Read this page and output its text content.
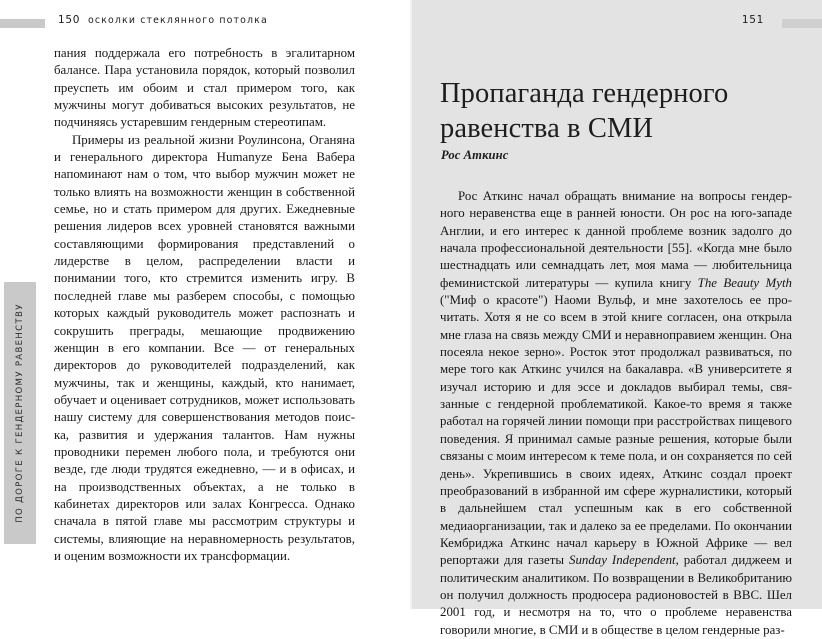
150 осколки стеклянного потолка
ПО ДОРОГЕ К ГЕНДЕРНОМУ РАВЕНСТВУ

пания поддержала его потребность в эгалитарном балансе. Пара установила порядок, который позволил преуспеть им обоим и стал примером того, как мужчины могут добиваться высоких результатов, не подчиняясь устаревшим гендерным стереотипам.

Примеры из реальной жизни Роулинсона, Оганяна и генерального директора Humanyze Бена Вабера напоминают нам о том, что выбор мужчин может не только влиять на возможности женщин в собственной семье, но и стать примером для других. Ежедневные решения лидеров всех уровней становятся важными составляющими формирования представлений о лидерстве в целом, распределении власти и понимании того, кто стремится изменить игру. В последней главе мы разберем способы, с помощью которых каждый руководитель может распознать и сокрушить преграды, мешающие продвижению женщин в его компании. Все — от генеральных директоров до руководителей подразделений, как мужчины, так и женщины, каждый, кто нанимает, обучает и оценивает сотрудников, может использовать нашу систему для совершенствования методов поиска, развития и удержания талантов. Нам нужны проводники перемен любого пола, и требуются они везде, где люди трудятся ежедневно, — и в офисах, и на производственных объектах, а не только в кабинетах директоров или залах Конгресса. Однако сначала в пятой главе мы рассмотрим структуры и системы, влияющие на неравномерность результатов, и оценим возможности их трансформации.

151
Пропаганда гендерного равенства в СМИ
Рос Аткинс

Рос Аткинс начал обращать внимание на вопросы гендерного неравенства еще в ранней юности. Он рос на юго-западе Англии, и его интерес к данной проблеме возник задолго до начала профессиональной деятельности [55]. «Когда мне было шестнадцать или семнадцать лет, моя мама — любительница феминистской литературы — купила книгу The Beauty Myth ("Миф о красоте") Наоми Вульф, и мне захотелось ее прочитать. Хотя я не со всем в этой книге согласен, она открыла мне глаза на связь между СМИ и неравноправием женщин. Она посеяла некое зерно». Росток этот продолжал развиваться, по мере того как Аткинс учился на бакалавра. «В университете я изучал историю и для эссе и докладов выбирал темы, связанные с гендерной проблематикой. Какое-то время я также работал на горячей линии помощи при расстройствах пищевого поведения. Я принимал самые разные решения, которые были связаны с моим интересом к теме пола, и он сохраняется по сей день». Укрепившись в своих идеях, Аткинс создал проект преобразований в избранной им сфере журналистики, который в дальнейшем стал успешным как в его собственной медиаорганизации, так и далеко за ее пределами. По окончании Кембриджа Аткинс начал карьеру в Южной Африке — вел репортажи для газеты Sunday Independent, работал диджеем и политическим аналитиком. По возвращении в Великобританию он получил должность продюсера радионовостей в BBC. Шел 2001 год, и несмотря на то, что о проблеме неравенства говорили многие, в СМИ и в обществе в целом гендерные раз-
